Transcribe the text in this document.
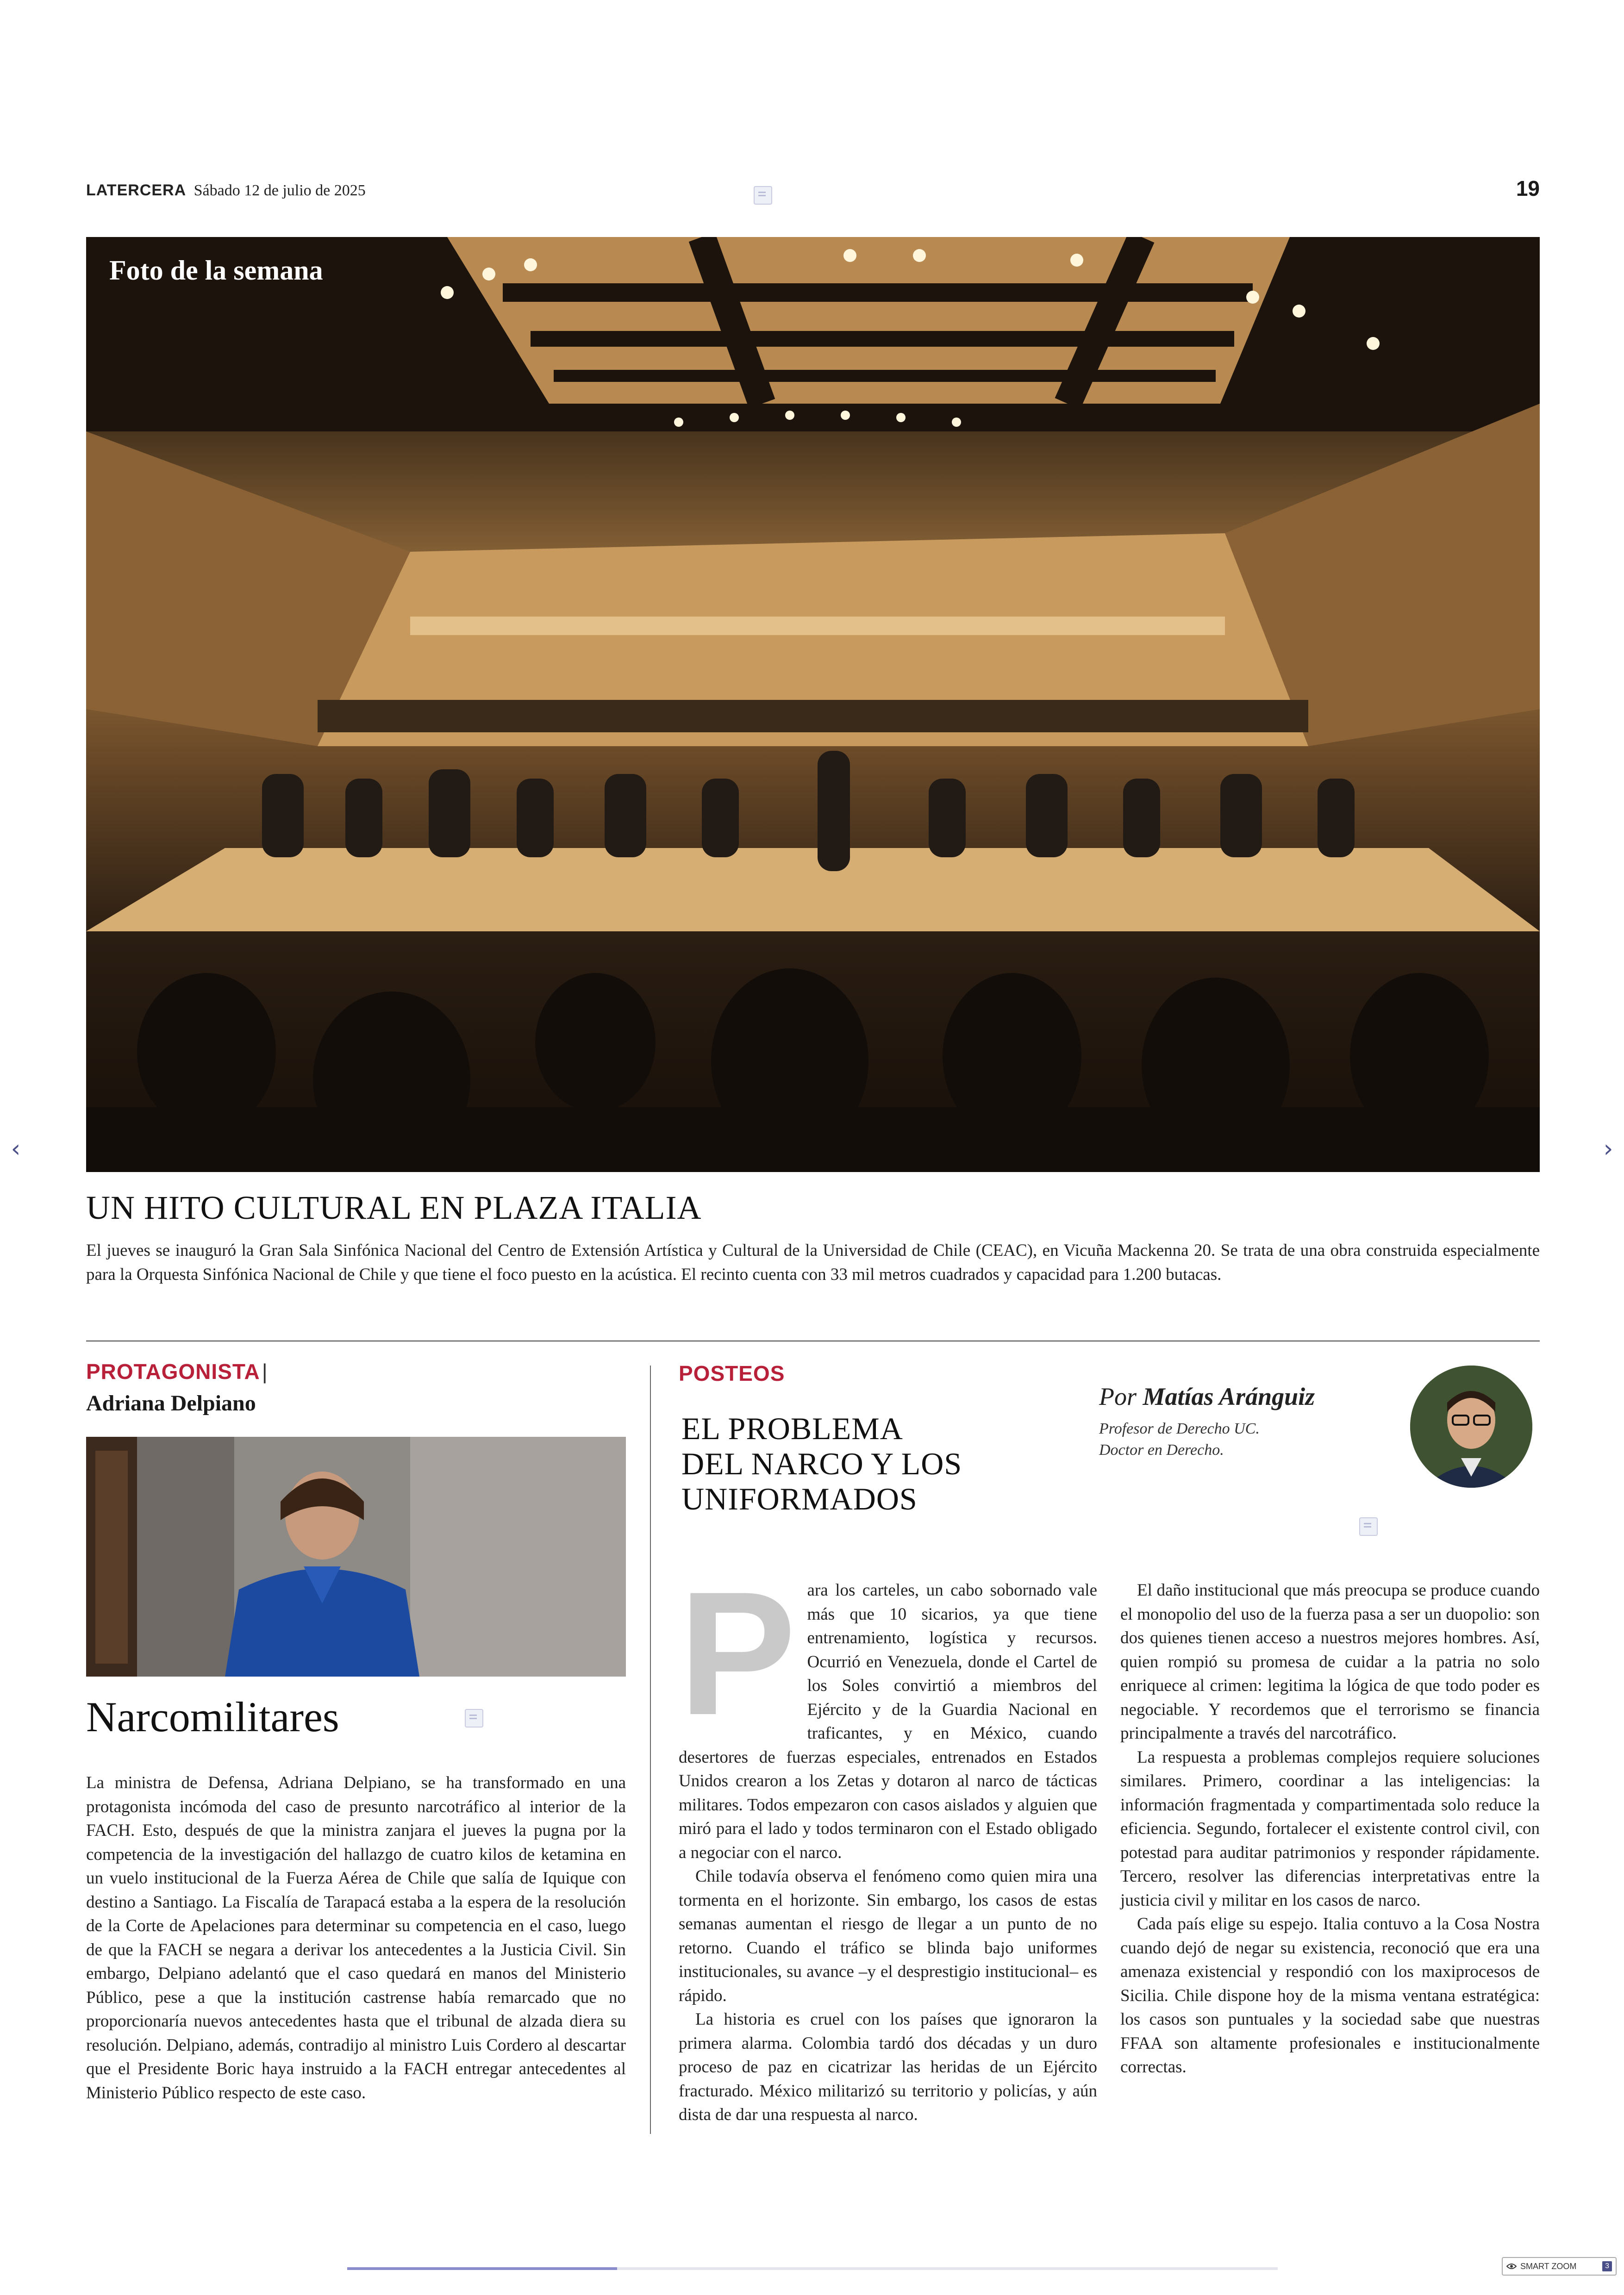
LATERCERA Sábado 12 de julio de 2025	19
Foto de la semana
UN HITO CULTURAL EN PLAZA ITALIA
El jueves se inauguró la Gran Sala Sinfónica Nacional del Centro de Extensión Artística y Cultural de la Universidad de Chile (CEAC), en Vicuña Mackenna 20. Se trata de una obra construida especialmente para la Orquesta Sinfónica Nacional de Chile y que tiene el foco puesto en la acústica. El recinto cuenta con 33 mil metros cuadrados y capacidad para 1.200 butacas.
PROTAGONISTA |
Adriana Delpiano
Narcomilitares
La ministra de Defensa, Adriana Delpiano, se ha transformado en una protagonista incómoda del caso de presunto narcotráfico al interior de la FACH. Esto, después de que la ministra zanjara el jueves la pugna por la competencia de la investigación del hallazgo de cuatro kilos de ketamina en un vuelo institucional de la Fuerza Aérea de Chile que salía de Iquique con destino a Santiago. La Fiscalía de Tarapacá estaba a la espera de la resolución de la Corte de Apelaciones para determinar su competencia en el caso, luego de que la FACH se negara a derivar los antecedentes a la Justicia Civil. Sin embargo, Delpiano adelantó que el caso quedará en manos del Ministerio Público, pese a que la institución castrense había remarcado que no proporcionaría nuevos antecedentes hasta que el tribunal de alzada diera su resolución. Delpiano, además, contradijo al ministro Luis Cordero al descartar que el Presidente Boric haya instruido a la FACH entregar antecedentes al Ministerio Público respecto de este caso.
POSTEOS
EL PROBLEMA
DEL NARCO Y LOS
UNIFORMADOS
Por Matías Aránguiz
Profesor de Derecho UC.
Doctor en Derecho.
P ara los carteles, un cabo sobornado vale más que 10 sicarios, ya que tiene entrenamiento, logística y recursos. Ocurrió en Venezuela, donde el Cartel de los Soles convirtió a miembros del Ejército y de la Guardia Nacional en traficantes, y en México, cuando desertores de fuerzas especiales, entrenados en Estados Unidos crearon a los Zetas y dotaron al narco de tácticas militares. Todos empezaron con casos aislados y alguien que miró para el lado y todos terminaron con el Estado obligado a negociar con el narco.

Chile todavía observa el fenómeno como quien mira una tormenta en el horizonte. Sin embargo, los casos de estas semanas aumentan el riesgo de llegar a un punto de no retorno. Cuando el tráfico se blinda bajo uniformes institucionales, su avance –y el desprestigio institucional– es rápido.

La historia es cruel con los países que ignoraron la primera alarma. Colombia tardó dos décadas y un duro proceso de paz en cicatrizar las heridas de un Ejército fracturado. México militarizó su territorio y policías, y aún dista de dar una respuesta al narco.

El daño institucional que más preocupa se produce cuando el monopolio del uso de la fuerza pasa a ser un duopolio: son dos quienes tienen acceso a nuestros mejores hombres. Así, quien rompió su promesa de cuidar a la patria no solo enriquece al crimen: legitima la lógica de que todo poder es negociable. Y recordemos que el terrorismo se financia principalmente a través del narcotráfico.

La respuesta a problemas complejos requiere soluciones similares. Primero, coordinar a las inteligencias: la información fragmentada y compartimentada solo reduce la eficiencia. Segundo, fortalecer el existente control civil, con potestad para auditar patrimonios y responder rápidamente. Tercero, resolver las diferencias interpretativas entre la justicia civil y militar en los casos de narco.

Cada país elige su espejo. Italia contuvo a la Cosa Nostra cuando dejó de negar su existencia, reconoció que era una amenaza existencial y respondió con los maxiprocesos de Sicilia. Chile dispone hoy de la misma ventana estratégica: los casos son puntuales y la sociedad sabe que nuestras FFAA son altamente profesionales e institucionalmente correctas.

‹	›
SMART ZOOM	3
